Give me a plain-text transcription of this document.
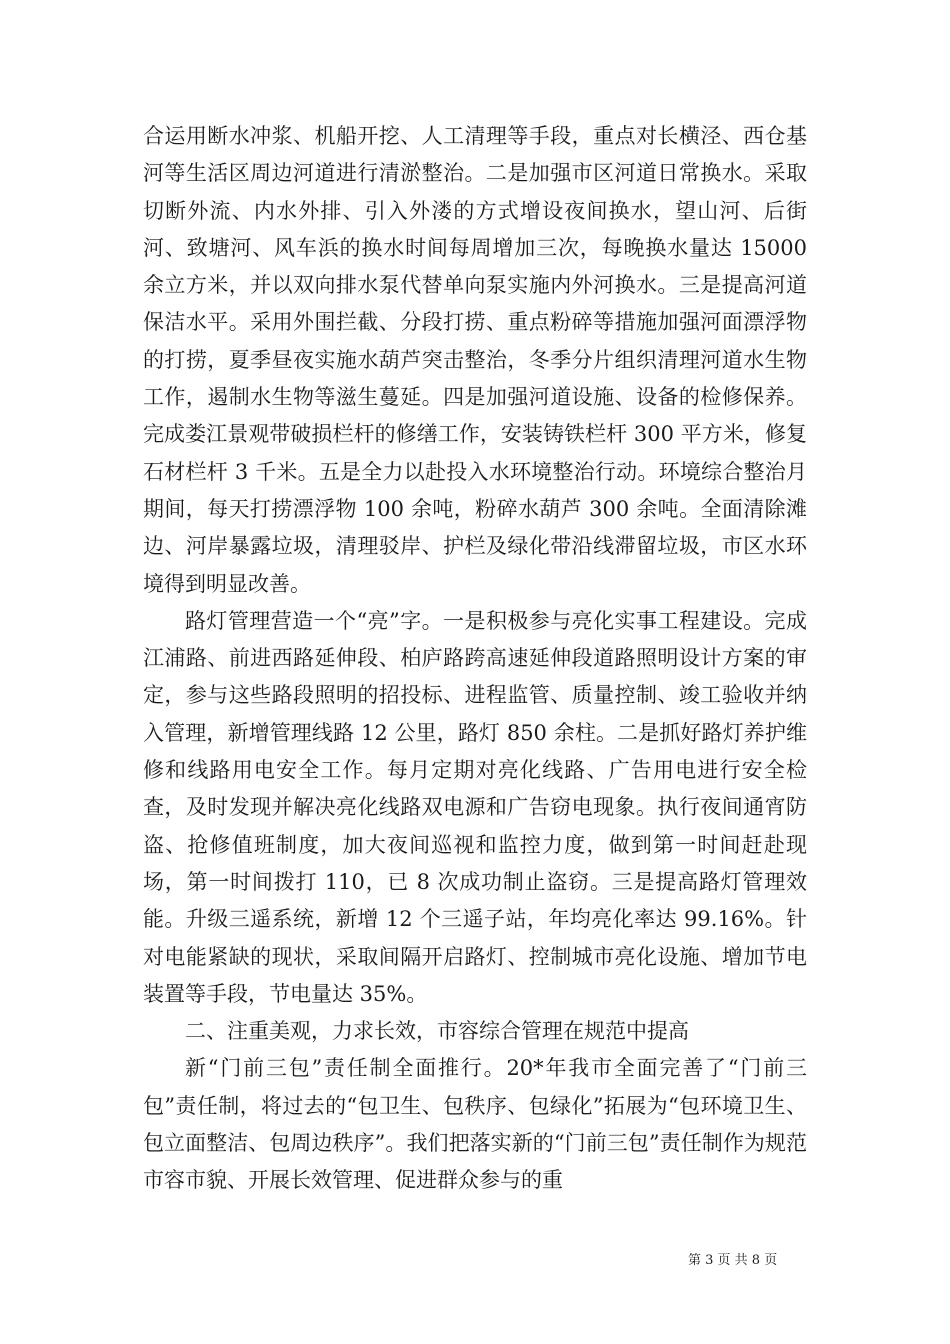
合运用断水冲浆、机船开挖、人工清理等手段，重点对长横泾、西仓基河等生活区周边河道进行清淤整治。二是加强市区河道日常换水。采取切断外流、内水外排、引入外溇的方式增设夜间换水，望山河、后街河、致塘河、风车浜的换水时间每周增加三次，每晚换水量达 15000 余立方米，并以双向排水泵代替单向泵实施内外河换水。三是提高河道保洁水平。采用外围拦截、分段打捞、重点粉碎等措施加强河面漂浮物的打捞，夏季昼夜实施水葫芦突击整治，冬季分片组织清理河道水生物工作，遏制水生物等滋生蔓延。四是加强河道设施、设备的检修保养。完成娄江景观带破损栏杆的修缮工作，安装铸铁栏杆 300 平方米，修复石材栏杆 3 千米。五是全力以赴投入水环境整治行动。环境综合整治月期间，每天打捞漂浮物 100 余吨，粉碎水葫芦 300 余吨。全面清除滩边、河岸暴露垃圾，清理驳岸、护栏及绿化带沿线滞留垃圾，市区水环境得到明显改善。

路灯管理营造一个“亮”字。一是积极参与亮化实事工程建设。完成江浦路、前进西路延伸段、柏庐路跨高速延伸段道路照明设计方案的审定，参与这些路段照明的招投标、进程监管、质量控制、竣工验收并纳入管理，新增管理线路 12 公里，路灯 850 余柱。二是抓好路灯养护维修和线路用电安全工作。每月定期对亮化线路、广告用电进行安全检查，及时发现并解决亮化线路双电源和广告窃电现象。执行夜间通宵防盗、抢修值班制度，加大夜间巡视和监控力度，做到第一时间赶赴现场，第一时间拨打 110，已 8 次成功制止盗窃。三是提高路灯管理效能。升级三遥系统，新增 12 个三遥子站，年均亮化率达 99.16%。针对电能紧缺的现状，采取间隔开启路灯、控制城市亮化设施、增加节电装置等手段，节电量达 35%。

二、注重美观，力求长效，市容综合管理在规范中提高

新“门前三包”责任制全面推行。20*年我市全面完善了“门前三包”责任制，将过去的“包卫生、包秩序、包绿化”拓展为“包环境卫生、包立面整洁、包周边秩序”。我们把落实新的“门前三包”责任制作为规范市容市貌、开展长效管理、促进群众参与的重

第 3 页 共 8 页
